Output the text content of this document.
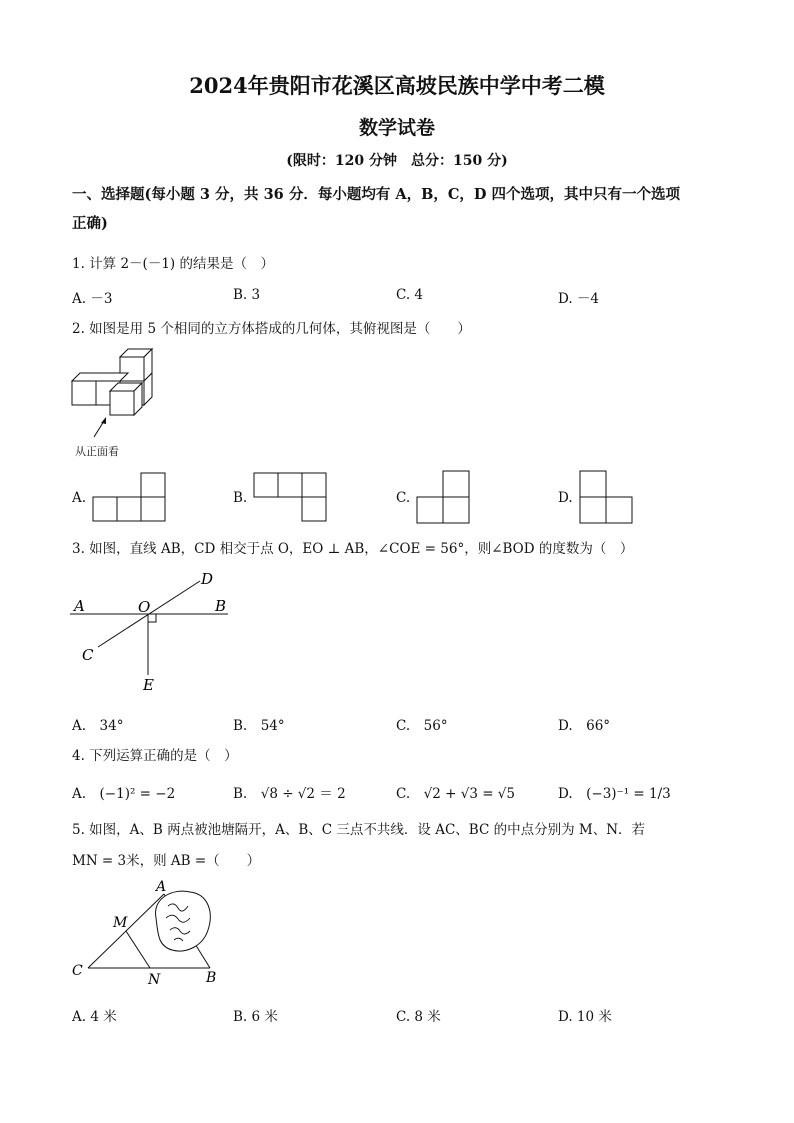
2024年贵阳市花溪区高坡民族中学中考二模
数学试卷
(限时：120 分钟　总分：150 分)
一、选择题(每小题 3 分，共 36 分．每小题均有 A，B，C，D 四个选项，其中只有一个选项
正确)
1. 计算 2－(－1) 的结果是（　）
A. －3	B. 3	C. 4	D. －4
2. 如图是用 5 个相同的立方体搭成的几何体，其俯视图是（　　）
从正面看
A.	B.	C.	D.
3. 如图，直线 AB，CD 相交于点 O，EO ⊥ AB，∠COE = 56°，则∠BOD 的度数为（　）
A	O	B
C
D
E
A.　34°	B.　54°	C.　56°	D.　66°
4. 下列运算正确的是（　）
A.　(−1)² = −2	B.　√8 ÷ √2 ＝ 2	C.　√2 + √3 = √5	D.　(−3)⁻¹ = 1/3
5. 如图，A、B 两点被池塘隔开，A、B、C 三点不共线．设 AC、BC 的中点分别为 M、N．若
MN = 3米，则 AB =（　　）
A
M
C
N	B
A. 4 米	B. 6 米	C. 8 米	D. 10 米
